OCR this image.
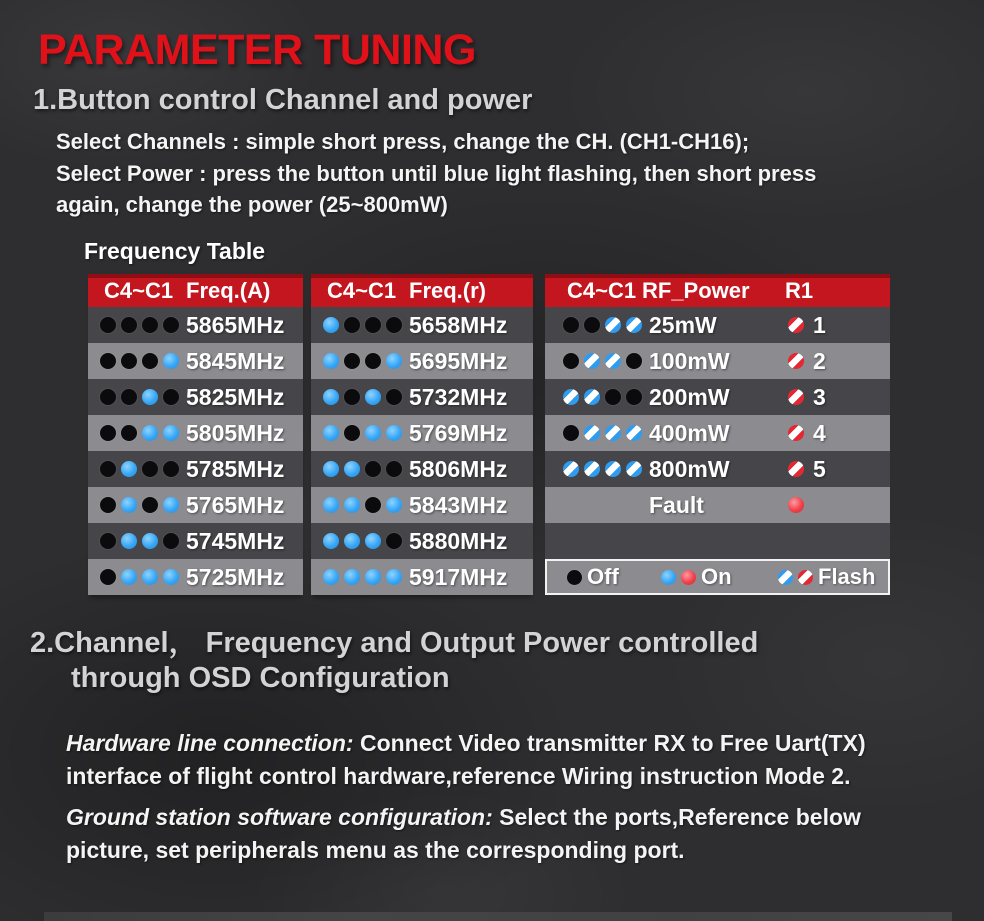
PARAMETER TUNING
1.Button control Channel and power
Select Channels : simple short press, change the CH. (CH1-CH16);
Select Power : press the button until blue light flashing, then short press
again, change the power (25~800mW)
Frequency Table
C4~C1 Freq.(A)
5865MHz
5845MHz
5825MHz
5805MHz
5785MHz
5765MHz
5745MHz
5725MHz
C4~C1 Freq.(r)
5658MHz
5695MHz
5732MHz
5769MHz
5806MHz
5843MHz
5880MHz
5917MHz
C4~C1 RF_Power R1
25mW	1
100mW	2
200mW	3
400mW	4
800mW	5
Fault
Off	On	Flash
2.Channel， Frequency and Output Power controlled
through OSD Configuration
Hardware line connection: Connect Video transmitter RX to Free Uart(TX) interface of flight control hardware,reference Wiring instruction Mode 2.
Ground station software configuration: Select the ports,Reference below picture, set peripherals menu as the corresponding port.
